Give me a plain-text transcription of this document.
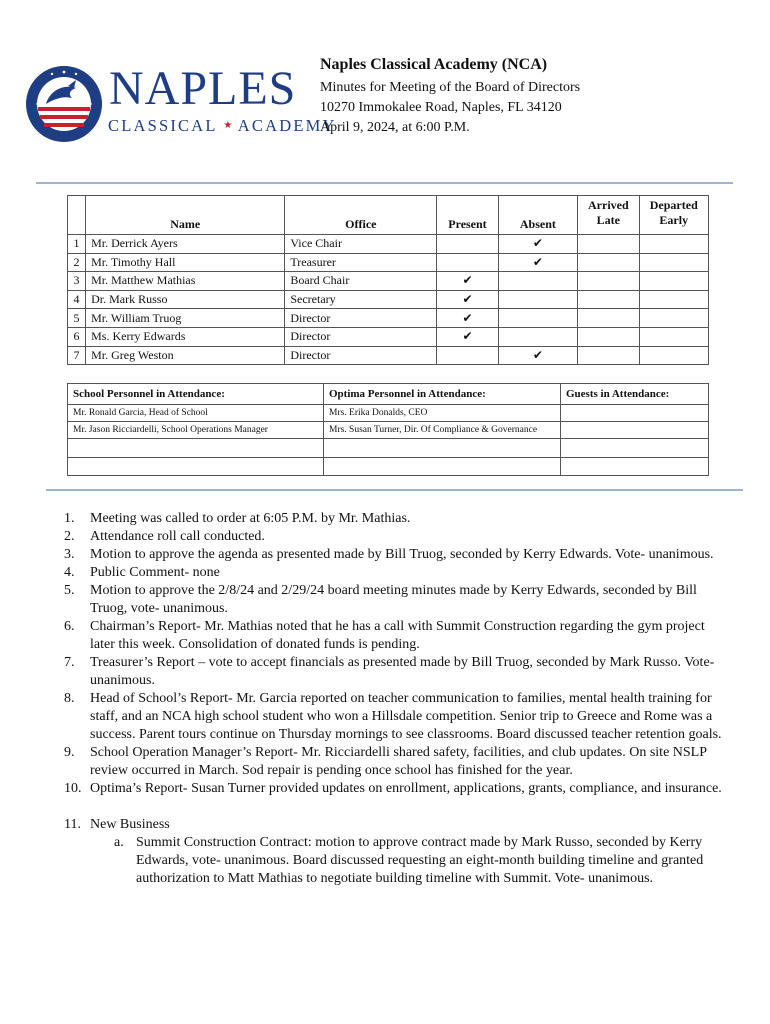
NAPLES
CLASSICAL ★ ACADEMY
Naples Classical Academy (NCA)
Minutes for Meeting of the Board of Directors
10270 Immokalee Road, Naples, FL 34120
April 9, 2024, at 6:00 P.M.
	Name	Office	Present	Absent	Arrived Late	Departed Early
1	Mr. Derrick Ayers	Vice Chair		✔		
2	Mr. Timothy Hall	Treasurer		✔		
3	Mr. Matthew Mathias	Board Chair	✔			
4	Dr. Mark Russo	Secretary	✔			
5	Mr. William Truog	Director	✔			
6	Ms. Kerry Edwards	Director	✔			
7	Mr. Greg Weston	Director		✔		
School Personnel in Attendance:	Optima Personnel in Attendance:	Guests in Attendance:
Mr. Ronald Garcia, Head of School	Mrs. Erika Donalds, CEO	
Mr. Jason Ricciardelli, School Operations Manager	Mrs. Susan Turner, Dir. Of Compliance & Governance	

1. Meeting was called to order at 6:05 P.M. by Mr. Mathias.
2. Attendance roll call conducted.
3. Motion to approve the agenda as presented made by Bill Truog, seconded by Kerry Edwards. Vote- unanimous.
4. Public Comment- none
5. Motion to approve the 2/8/24 and 2/29/24 board meeting minutes made by Kerry Edwards, seconded by Bill Truog, vote- unanimous.
6. Chairman’s Report- Mr. Mathias noted that he has a call with Summit Construction regarding the gym project later this week. Consolidation of donated funds is pending.
7. Treasurer’s Report – vote to accept financials as presented made by Bill Truog, seconded by Mark Russo. Vote- unanimous.
8. Head of School’s Report- Mr. Garcia reported on teacher communication to families, mental health training for staff, and an NCA high school student who won a Hillsdale competition. Senior trip to Greece and Rome was a success. Parent tours continue on Thursday mornings to see classrooms. Board discussed teacher retention goals.
9. School Operation Manager’s Report- Mr. Ricciardelli shared safety, facilities, and club updates. On site NSLP review occurred in March. Sod repair is pending once school has finished for the year.
10. Optima’s Report- Susan Turner provided updates on enrollment, applications, grants, compliance, and insurance.
11. New Business
a. Summit Construction Contract: motion to approve contract made by Mark Russo, seconded by Kerry Edwards, vote- unanimous. Board discussed requesting an eight-month building timeline and granted authorization to Matt Mathias to negotiate building timeline with Summit. Vote- unanimous.
